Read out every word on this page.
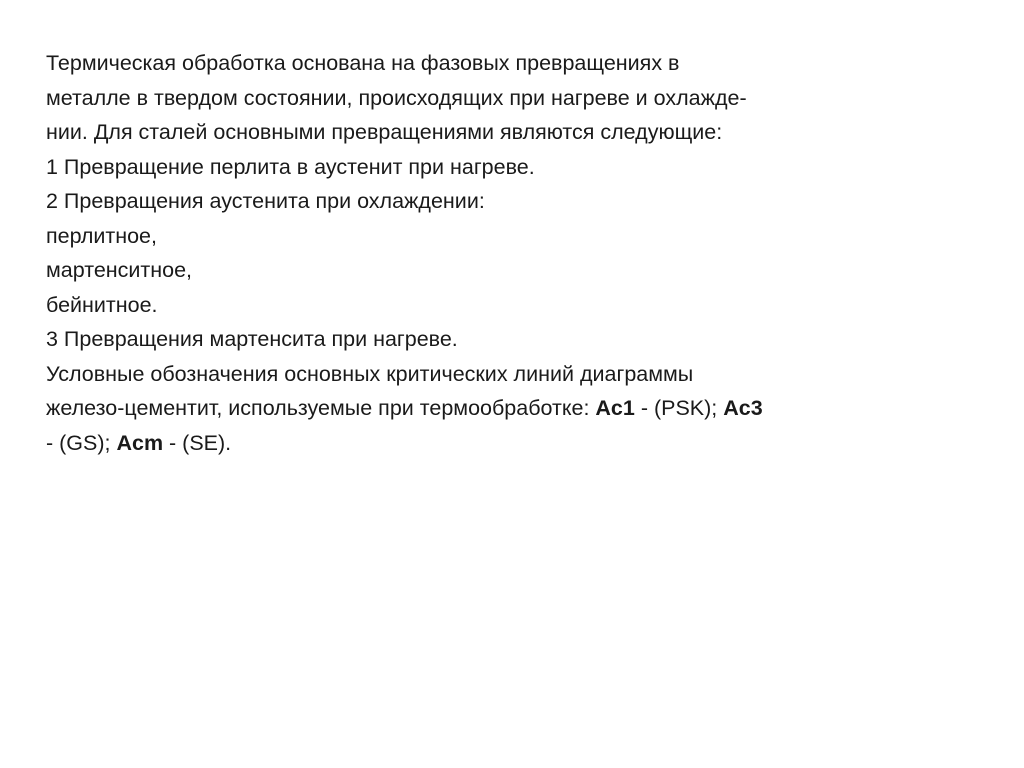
Термическая обработка основана на фазовых превращениях в
металле в твердом состоянии, происходящих при нагреве и охлажде-
нии. Для сталей основными превращениями являются следующие:
1 Превращение перлита в аустенит при нагреве.
2 Превращения аустенита при охлаждении:
перлитное,
мартенситное,
бейнитное.
3 Превращения мартенсита при нагреве.
Условные обозначения основных критических линий диаграммы
железо-цементит, используемые при термообработке: Ac1 - (PSK); Ac3
- (GS); Acm - (SE).
